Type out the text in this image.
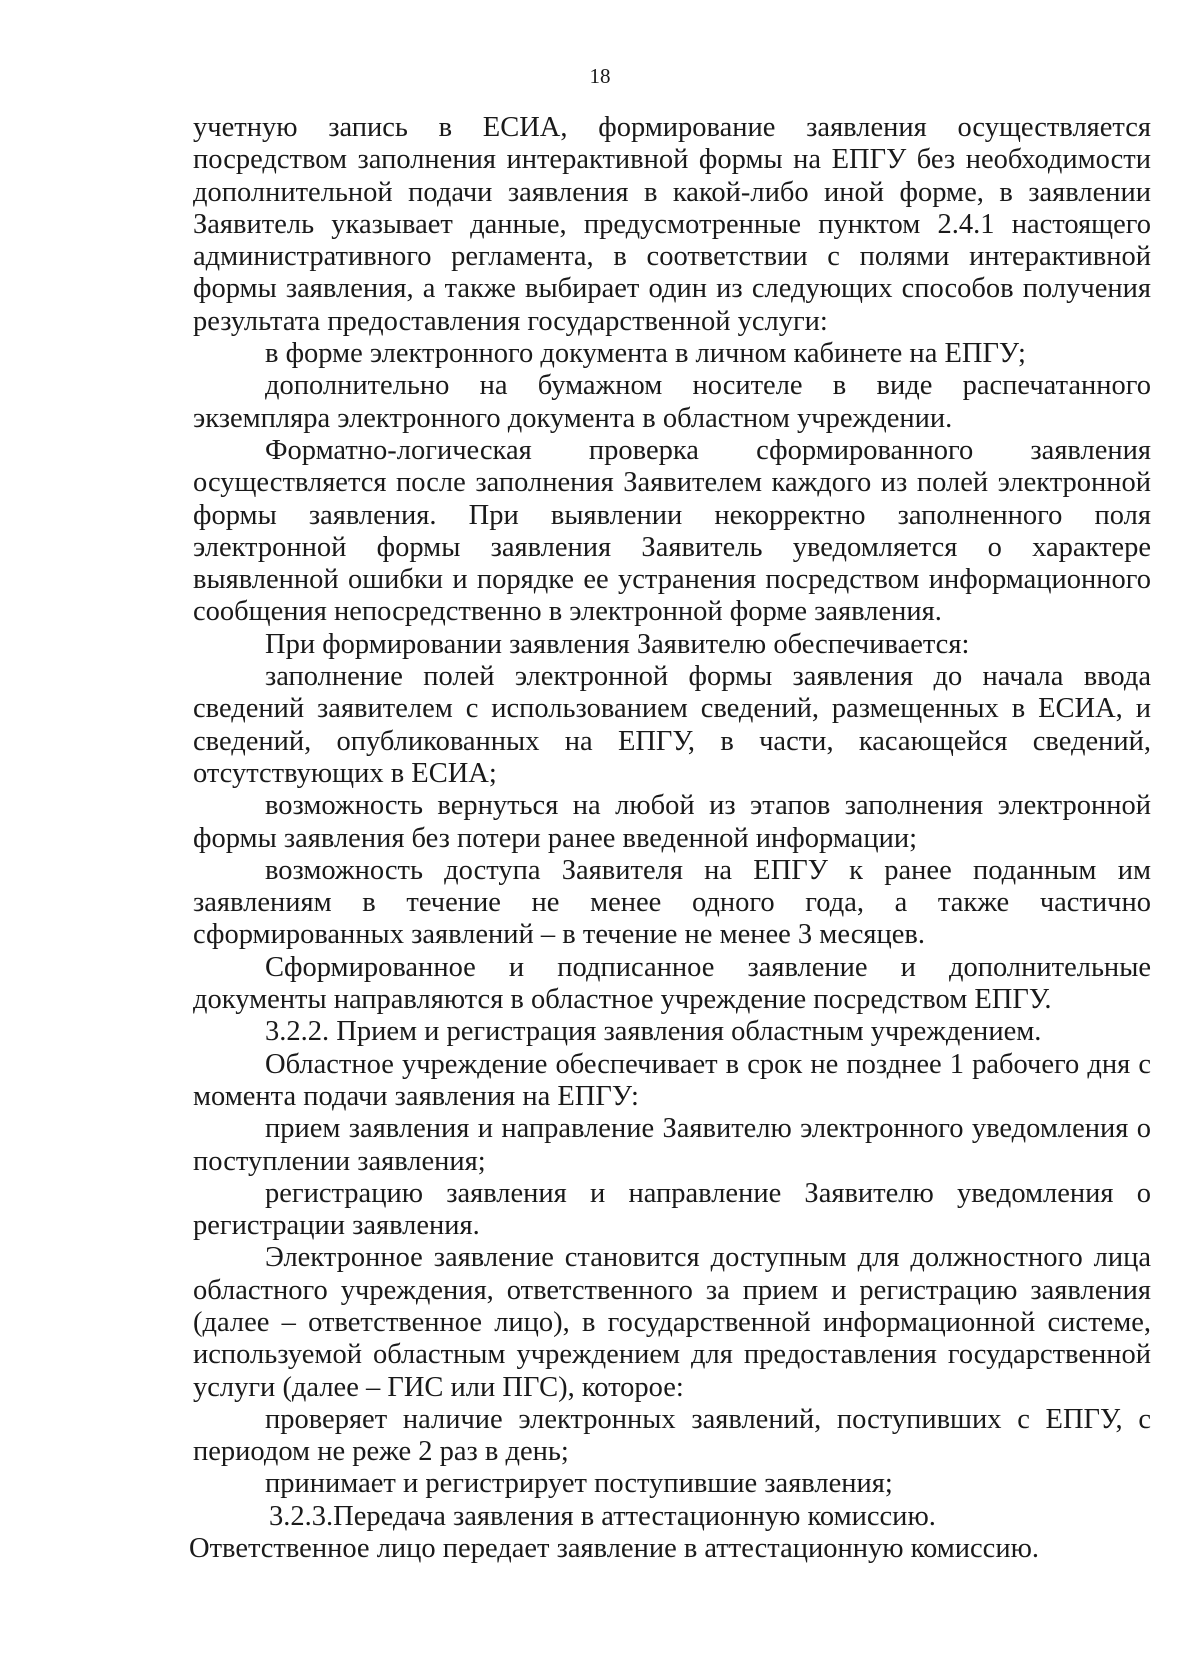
18

учетную запись в ЕСИА, формирование заявления осуществляется посредством заполнения интерактивной формы на ЕПГУ без необходимости дополнительной подачи заявления в какой-либо иной форме, в заявлении Заявитель указывает данные, предусмотренные пунктом 2.4.1 настоящего административного регламента, в соответствии с полями интерактивной формы заявления, а также выбирает один из следующих способов получения результата предоставления государственной услуги:

в форме электронного документа в личном кабинете на ЕПГУ;

дополнительно на бумажном носителе в виде распечатанного экземпляра электронного документа в областном учреждении.

Форматно-логическая проверка сформированного заявления осуществляется после заполнения Заявителем каждого из полей электронной формы заявления. При выявлении некорректно заполненного поля электронной формы заявления Заявитель уведомляется о характере выявленной ошибки и порядке ее устранения посредством информационного сообщения непосредственно в электронной форме заявления.

При формировании заявления Заявителю обеспечивается:

заполнение полей электронной формы заявления до начала ввода сведений заявителем с использованием сведений, размещенных в ЕСИА, и сведений, опубликованных на ЕПГУ, в части, касающейся сведений, отсутствующих в ЕСИА;

возможность вернуться на любой из этапов заполнения электронной формы заявления без потери ранее введенной информации;

возможность доступа Заявителя на ЕПГУ к ранее поданным им заявлениям в течение не менее одного года, а также частично сформированных заявлений – в течение не менее 3 месяцев.

Сформированное и подписанное заявление и дополнительные документы направляются в областное учреждение посредством ЕПГУ.

3.2.2. Прием и регистрация заявления областным учреждением.

Областное учреждение обеспечивает в срок не позднее 1 рабочего дня с момента подачи заявления на ЕПГУ:

прием заявления и направление Заявителю электронного уведомления о поступлении заявления;

регистрацию заявления и направление Заявителю уведомления о регистрации заявления.

Электронное заявление становится доступным для должностного лица областного учреждения, ответственного за прием и регистрацию заявления (далее – ответственное лицо), в государственной информационной системе, используемой областным учреждением для предоставления государственной услуги (далее – ГИС или ПГС), которое:

проверяет наличие электронных заявлений, поступивших с ЕПГУ, с периодом не реже 2 раз в день;

принимает и регистрирует поступившие заявления;

3.2.3.Передача заявления в аттестационную комиссию.

Ответственное лицо передает заявление в аттестационную комиссию.
